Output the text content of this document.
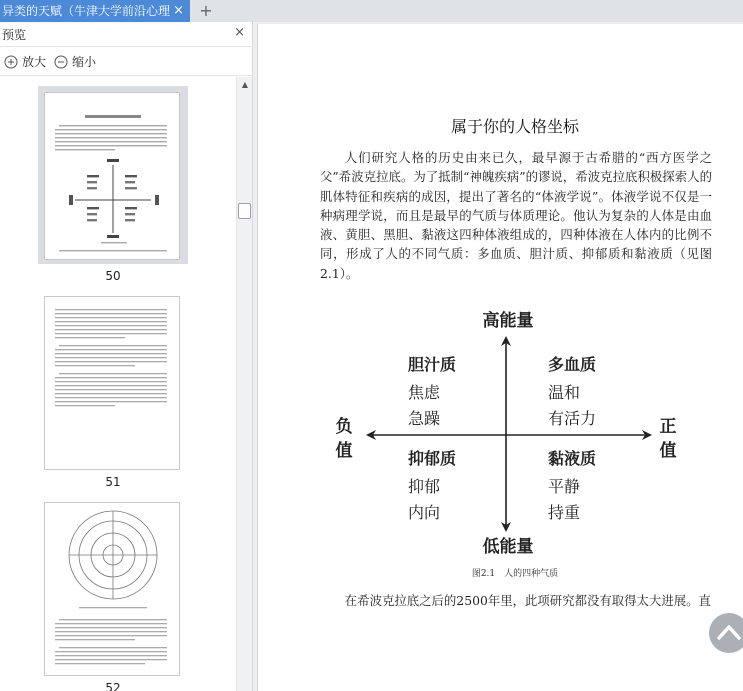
异类的天赋（牛津大学前沿心理 × +
预览	×
放大	缩小
50
51
52
▲
属于你的人格坐标
人们研究人格的历史由来已久，最早源于古希腊的“西方医学之父”希波克拉底。为了抵制“神魄疾病”的谬说，希波克拉底积极探索人的肌体特征和疾病的成因，提出了著名的“体液学说”。体液学说不仅是一种病理学说，而且是最早的气质与体质理论。他认为复杂的人体是由血液、黄胆、黑胆、黏液这四种体液组成的，四种体液在人体内的比例不同，形成了人的不同气质：多血质、胆汁质、抑郁质和黏液质（见图2.1）。
高能量
低能量
负
值
正
值
胆汁质
焦虑
急躁
多血质
温和
有活力
抑郁质
抑郁
内向
黏液质
平静
持重
图2.1　人的四种气质
在希波克拉底之后的2500年里，此项研究都没有取得太大进展。直
